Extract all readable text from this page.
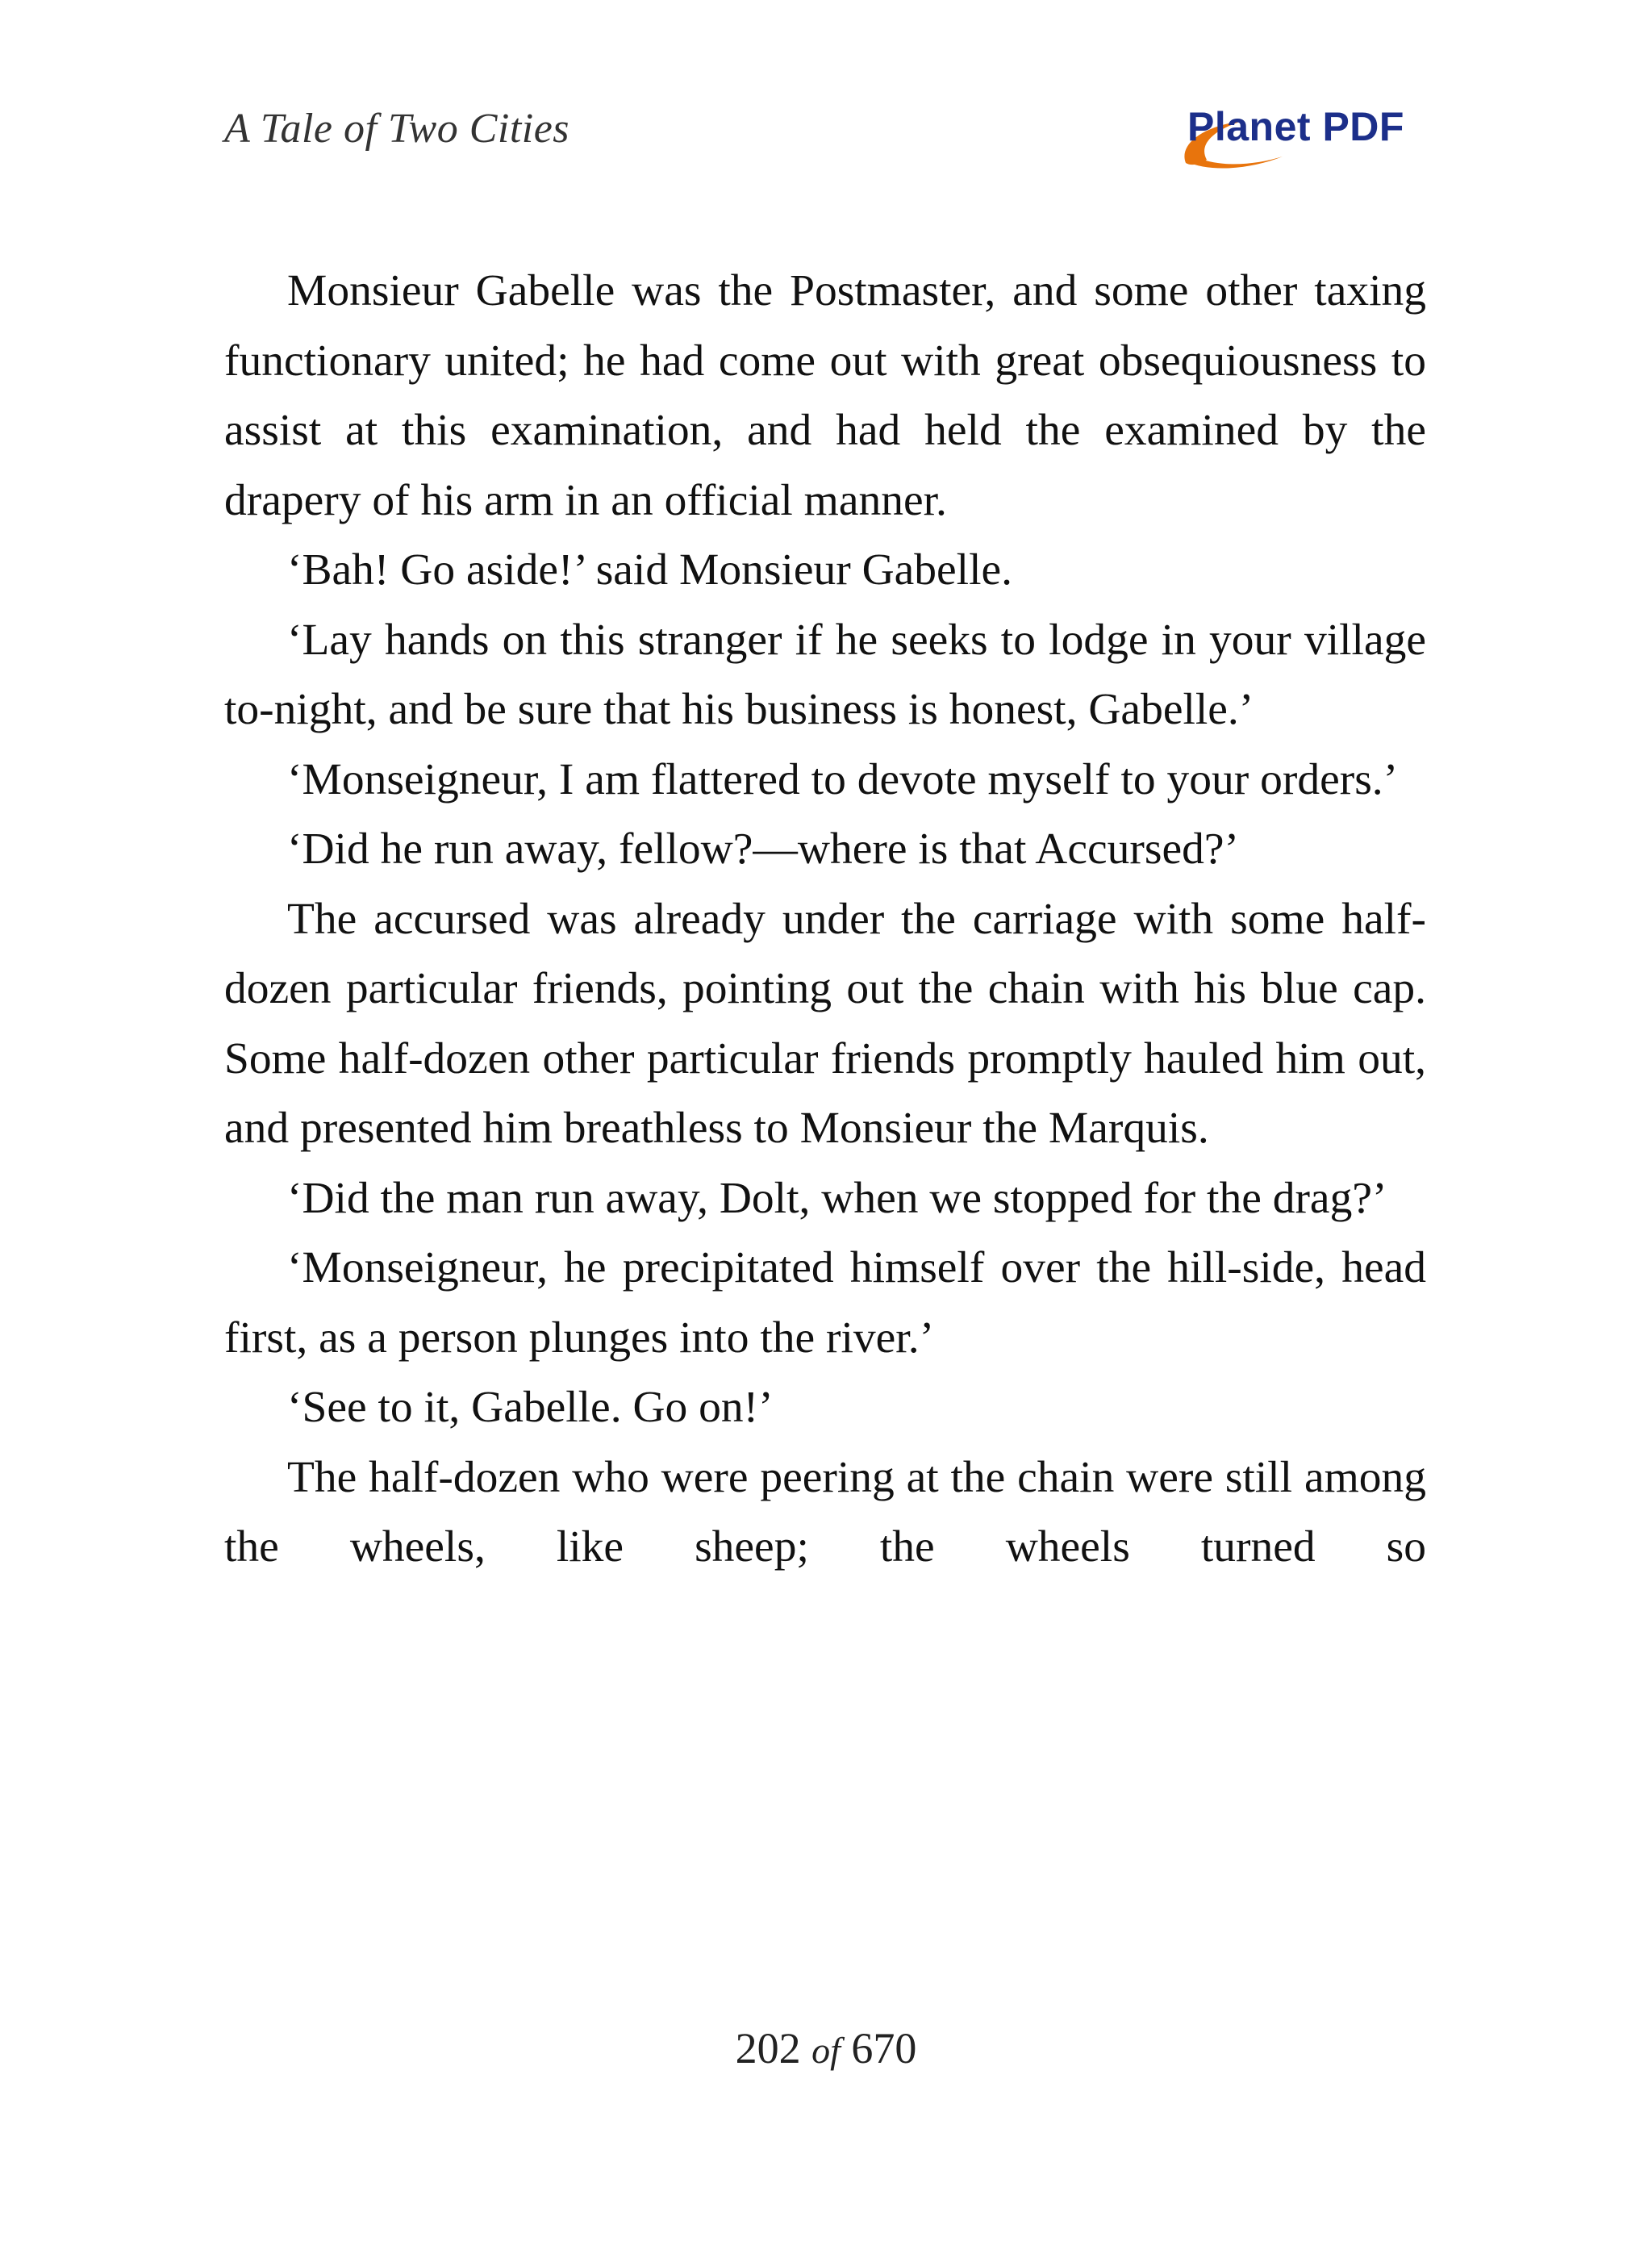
A Tale of Two Cities	Planet PDF

Monsieur Gabelle was the Postmaster, and some other taxing functionary united; he had come out with great obsequiousness to assist at this examination, and had held the examined by the drapery of his arm in an official manner.

‘Bah! Go aside!’ said Monsieur Gabelle.

‘Lay hands on this stranger if he seeks to lodge in your village to-night, and be sure that his business is honest, Gabelle.’

‘Monseigneur, I am flattered to devote myself to your orders.’

‘Did he run away, fellow?—where is that Accursed?’

The accursed was already under the carriage with some half-dozen particular friends, pointing out the chain with his blue cap. Some half-dozen other particular friends promptly hauled him out, and presented him breathless to Monsieur the Marquis.

‘Did the man run away, Dolt, when we stopped for the drag?’

‘Monseigneur, he precipitated himself over the hill-side, head first, as a person plunges into the river.’

‘See to it, Gabelle. Go on!’

The half-dozen who were peering at the chain were still among the wheels, like sheep; the wheels turned so

202 of 670
